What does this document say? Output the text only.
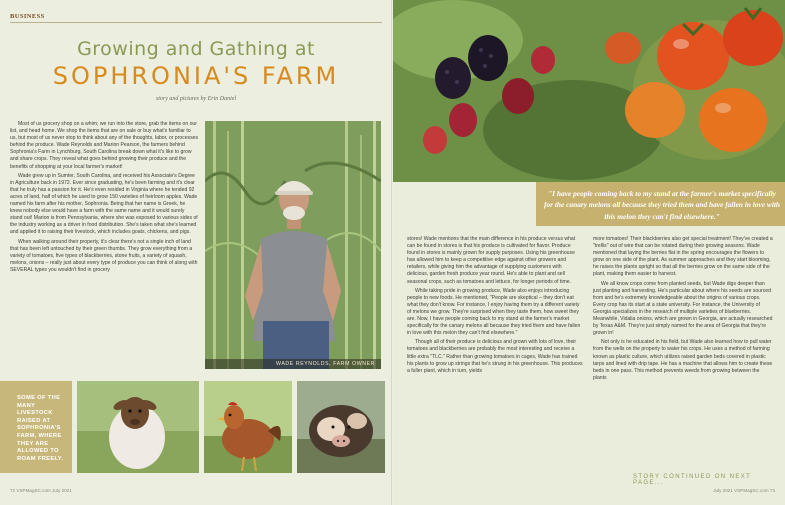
BUSINESS
Growing and Gathing at
SOPHRONIA'S FARM
story and pictures by Erin Daniel

Most of us grocery shop on a whim; we run into the store, grab the items on our list, and head home. We shop the items that are on sale or buy what's familiar to us, but most of us never stop to think about any of the thoughts, labor, or processes behind the produce. Wade Reynolds and Marion Pearson, the farmers behind Sophronia's Farm in Lynchburg, South Carolina break down what it's like to grow and share crops. They reveal what goes behind growing their produce and the benefits of shopping at your local farmer's market!

Wade grew up in Sumter, South Carolina, and received his Associate's Degree in Agriculture back in 1972. Ever since graduating, he's been farming and it's clear that he truly has a passion for it. He's even resided in Virginia where he tended 92 acres of land, half of which he used to grow 150 varieties of heirloom apples. Wade named his farm after his mother, Sophronia. Being that her name is Greek, he knew nobody else would have a farm with the same name and it would surely stand out! Marion is from Pennsylvania, where she was exposed to various sides of the industry working as a driver in food distribution. She's taken what she's learned and applied it to raising their livestock, which includes goats, chickens, and pigs.

When walking around their property, it's clear there's not a single inch of land that has been left untouched by their green thumbs. They grow everything from a variety of tomatoes, five types of blackberries, stone fruits, a variety of squash, melons, onions – really just about every type of produce you can think of along with SEVERAL types you wouldn't find in grocery

WADE REYNOLDS, FARM OWNER
SOME OF THE MANY LIVESTOCK RAISED AT SOPHRONIA'S FARM, WHERE THEY ARE ALLOWED TO ROAM FREELY.
72 VSPMagSC.com July 2021
"I have people coming back to my stand at the farmer's market specifically for the canary melons all because they tried them and have fallen in love with this melon they can't find elsewhere."

stores! Wade mentions that the main difference in his produce versus what can be found in stores is that his produce is cultivated for flavor. Produce found in stores is mainly grown for supply purposes. Using his greenhouse has allowed him to keep a competitive edge against other growers and retailers, while giving him the advantage of supplying customers with delicious, garden fresh produce year round. He's able to plant and sell seasonal crops, such as tomatoes and lettuce, for longer periods of time.

While taking pride in growing produce, Wade also enjoys introducing people to new foods. He mentioned, "People are skeptical – they don't eat what they don't know. For instance, I enjoy having them try a different variety of melons we grow. They're surprised when they taste them, how sweet they are. Now, I have people coming back to my stand at the farmer's market specifically for the canary melons all because they tried them and have fallen in love with this melon they can't find elsewhere."

Though all of their produce is delicious and grown with lots of love, their tomatoes and blackberries are probably the most interesting and receive a little extra "TLC." Rather than growing tomatoes in cages, Wade has trained his plants to grow up strings that he's strung in his greenhouse. This produces a fuller plant, which in turn, yields

more tomatoes! Their blackberries also get special treatment! They've created a "trellis" out of wire that can be rotated during their growing seasons. Wade mentioned that laying the berries flat in the spring encourages the flowers to grow on one side of the plant. As summer approaches and they start blooming, he raises the plants upright so that all the berries grow on the same side of the plant, making them easier to harvest.

We all know crops come from planted seeds, but Wade digs deeper than just planting and harvesting. He's particular about where his seeds are sourced from and he's extremely knowledgeable about the origins of various crops. Every crop has its start at a state university. For instance, the University of Georgia specializes in the research of multiple varieties of blueberries. Meanwhile, Vidalia onions, which are grown in Georgia, are actually researched by Texas A&M. They're just simply named for the area of Georgia that they're grown in!

Not only is he educated in his field, but Wade also learned how to pull water from the wells on the property to water his crops. He uses a method of farming known as plastic culture, which utilizes raised garden beds covered in plastic tarps and lined with drip tape. He has a machine that allows him to create these beds in one pass. This method prevents weeds from growing between the plants

STORY CONTINUED ON NEXT PAGE...
July 2021 VSPMagSC.com 73
